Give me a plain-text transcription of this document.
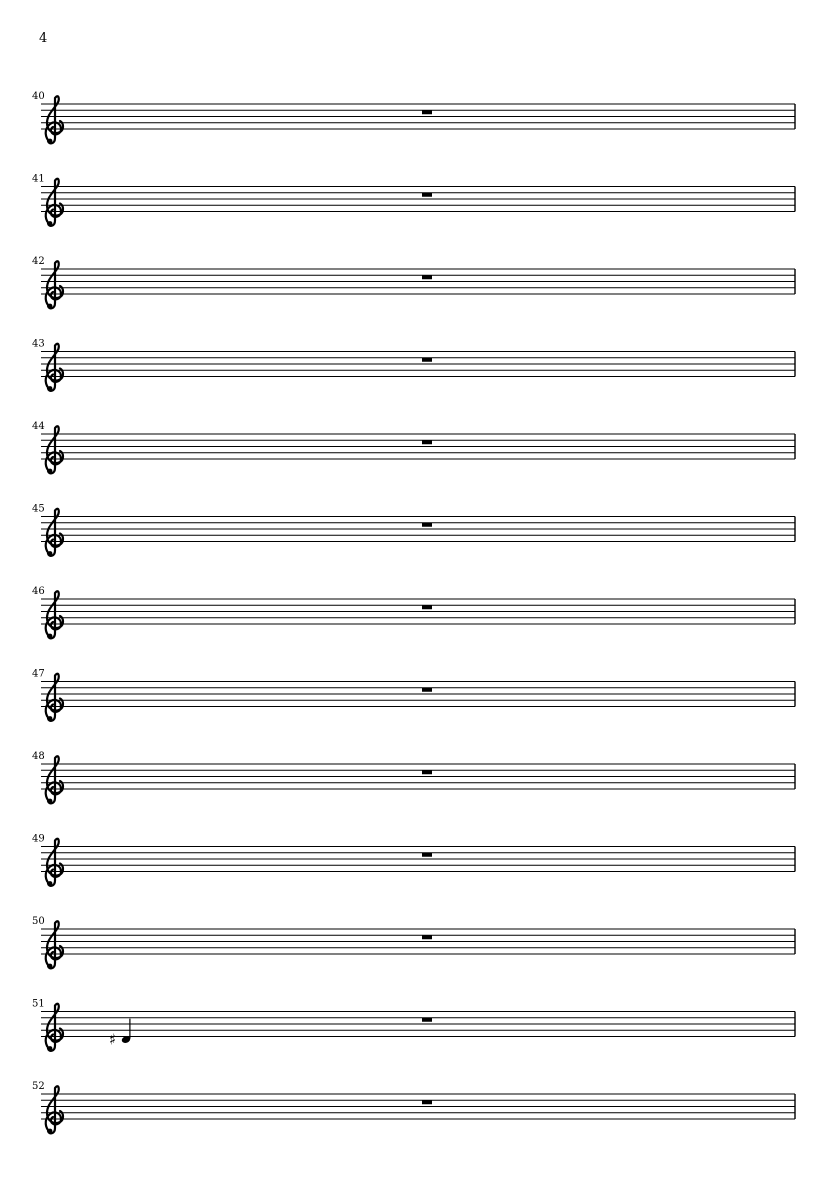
4
40
41
42
43
44
45
46
47
48
49
50
51
♯
52
